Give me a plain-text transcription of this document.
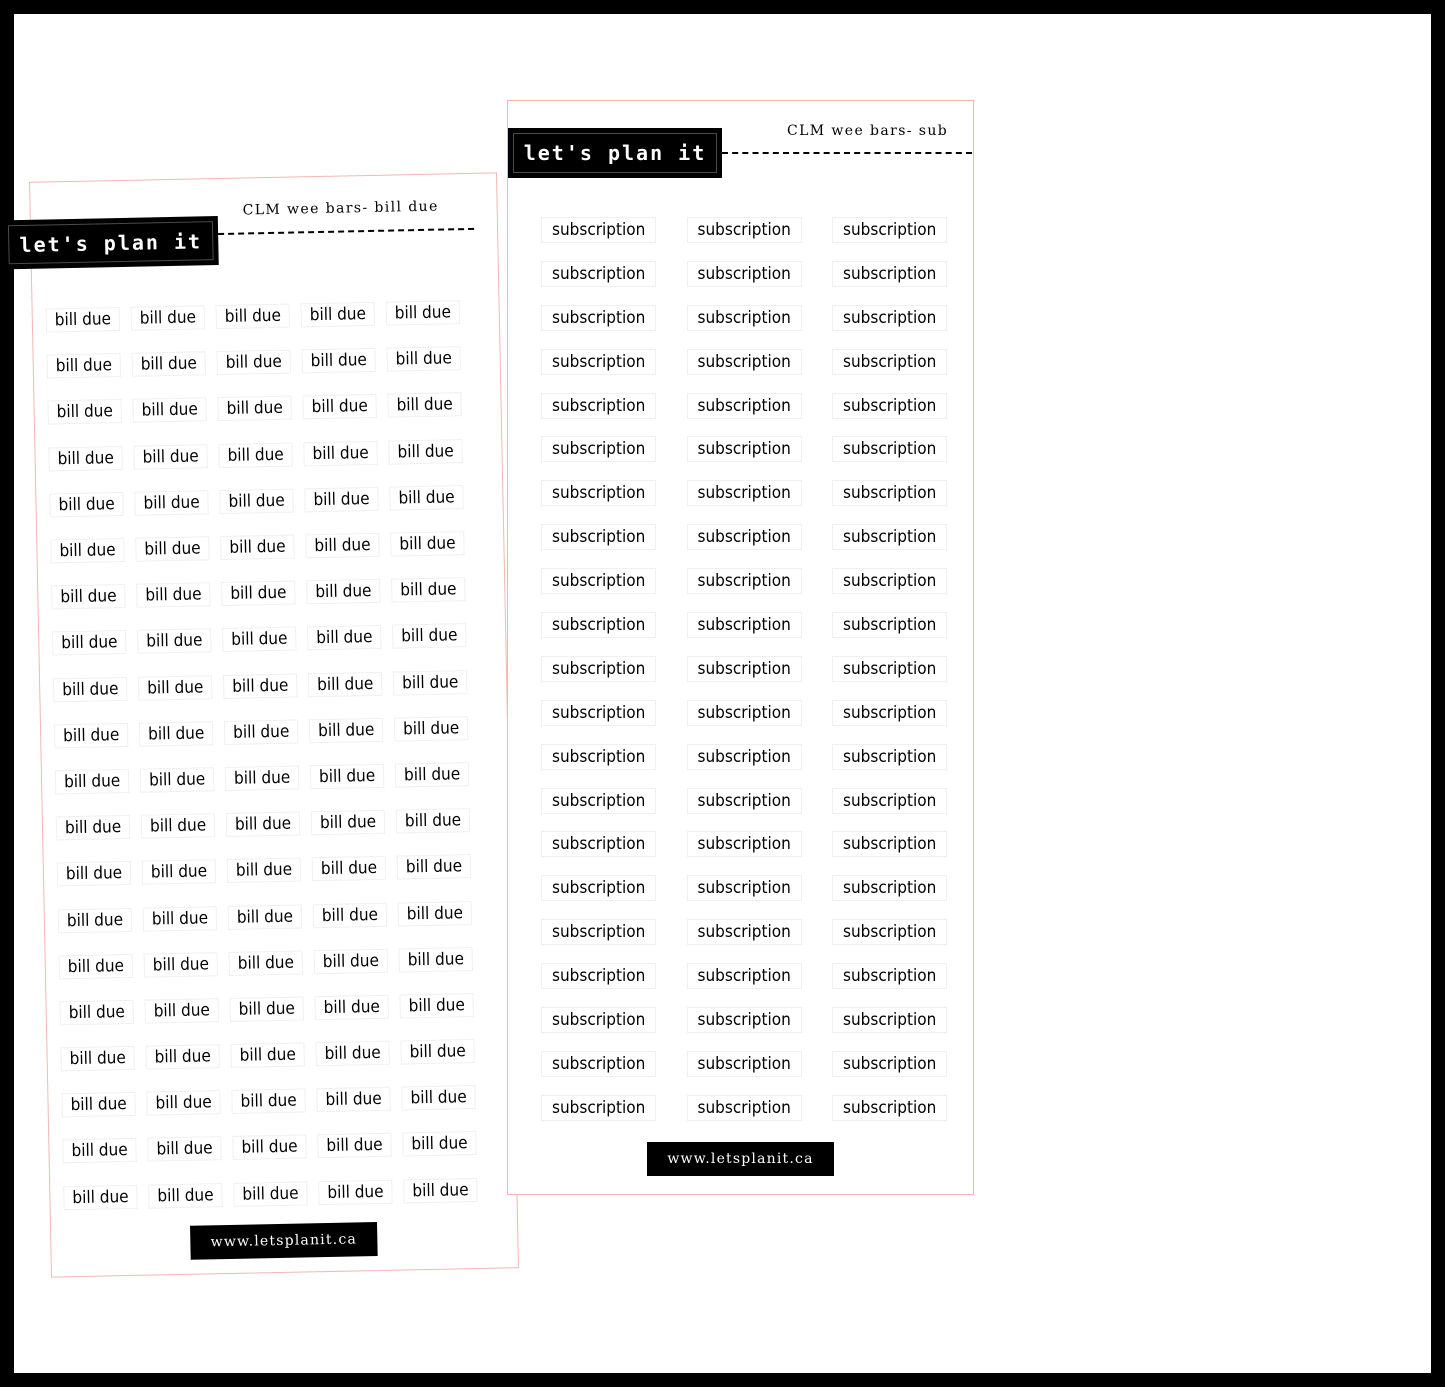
let's plan it
CLM wee bars- bill due
bill due	bill due	bill due	bill due	bill due
bill due	bill due	bill due	bill due	bill due
bill due	bill due	bill due	bill due	bill due
bill due	bill due	bill due	bill due	bill due
bill due	bill due	bill due	bill due	bill due
bill due	bill due	bill due	bill due	bill due
bill due	bill due	bill due	bill due	bill due
bill due	bill due	bill due	bill due	bill due
bill due	bill due	bill due	bill due	bill due
bill due	bill due	bill due	bill due	bill due
bill due	bill due	bill due	bill due	bill due
bill due	bill due	bill due	bill due	bill due
bill due	bill due	bill due	bill due	bill due
bill due	bill due	bill due	bill due	bill due
bill due	bill due	bill due	bill due	bill due
bill due	bill due	bill due	bill due	bill due
bill due	bill due	bill due	bill due	bill due
bill due	bill due	bill due	bill due	bill due
bill due	bill due	bill due	bill due	bill due
bill due	bill due	bill due	bill due	bill due
www.letsplanit.ca
let's plan it
CLM wee bars- sub
subscription	subscription	subscription
subscription	subscription	subscription
subscription	subscription	subscription
subscription	subscription	subscription
subscription	subscription	subscription
subscription	subscription	subscription
subscription	subscription	subscription
subscription	subscription	subscription
subscription	subscription	subscription
subscription	subscription	subscription
subscription	subscription	subscription
subscription	subscription	subscription
subscription	subscription	subscription
subscription	subscription	subscription
subscription	subscription	subscription
subscription	subscription	subscription
subscription	subscription	subscription
subscription	subscription	subscription
subscription	subscription	subscription
subscription	subscription	subscription
subscription	subscription	subscription
www.letsplanit.ca
